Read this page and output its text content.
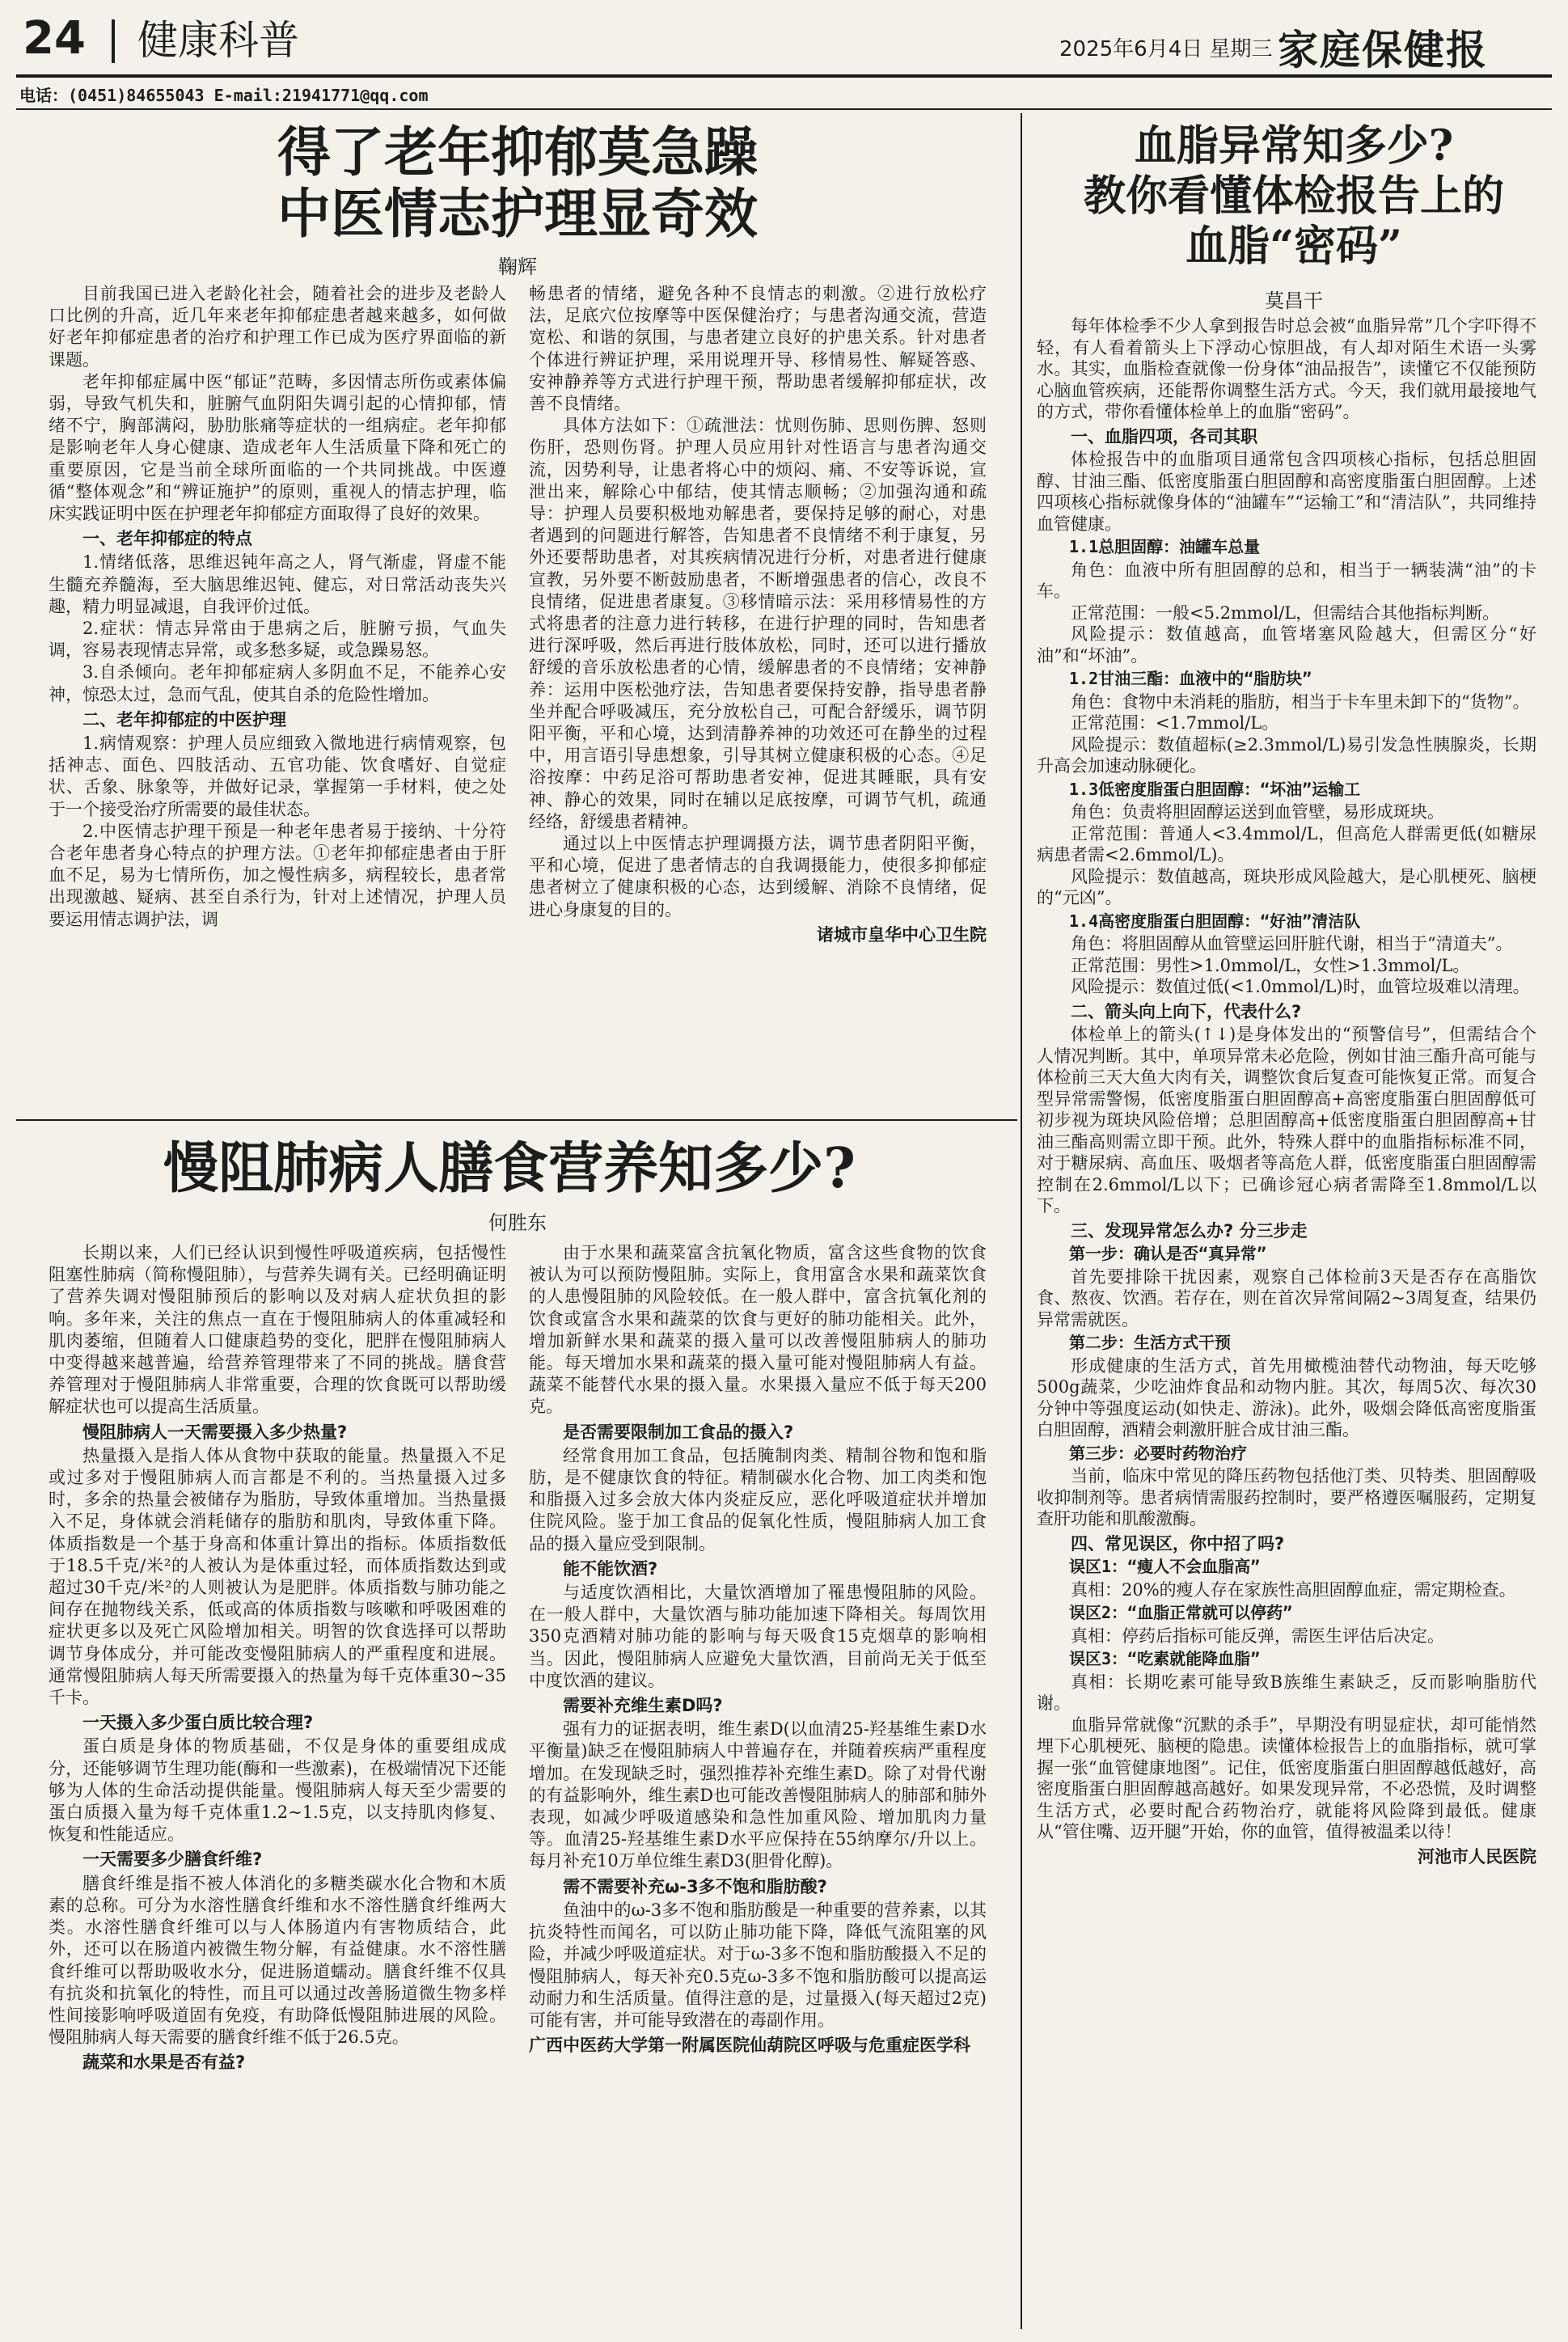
24 健康科普	2025年6月4日 星期三 家庭保健报
电话：(0451)84655043 E-mail:21941771@qq.com
得了老年抑郁莫急躁
中医情志护理显奇效
鞠辉

目前我国已进入老龄化社会，随着社会的进步及老龄人口比例的升高，近几年来老年抑郁症患者越来越多，如何做好老年抑郁症患者的治疗和护理工作已成为医疗界面临的新课题。

老年抑郁症属中医“郁证”范畴，多因情志所伤或素体偏弱，导致气机失和，脏腑气血阴阳失调引起的心情抑郁，情绪不宁，胸部满闷，胁肋胀痛等症状的一组病症。老年抑郁是影响老年人身心健康、造成老年人生活质量下降和死亡的重要原因，它是当前全球所面临的一个共同挑战。中医遵循“整体观念”和“辨证施护”的原则，重视人的情志护理，临床实践证明中医在护理老年抑郁症方面取得了良好的效果。

一、老年抑郁症的特点

1.情绪低落，思维迟钝年高之人，肾气渐虚，肾虚不能生髓充养髓海，至大脑思维迟钝、健忘，对日常活动丧失兴趣，精力明显减退，自我评价过低。

2.症状：情志异常由于患病之后，脏腑亏损，气血失调，容易表现情志异常，或多愁多疑，或急躁易怒。

3.自杀倾向。老年抑郁症病人多阴血不足，不能养心安神，惊恐太过，急而气乱，使其自杀的危险性增加。

二、老年抑郁症的中医护理

1.病情观察：护理人员应细致入微地进行病情观察，包括神志、面色、四肢活动、五官功能、饮食嗜好、自觉症状、舌象、脉象等，并做好记录，掌握第一手材料，使之处于一个接受治疗所需要的最佳状态。

2.中医情志护理干预是一种老年患者易于接纳、十分符合老年患者身心特点的护理方法。①老年抑郁症患者由于肝血不足，易为七情所伤，加之慢性病多，病程较长，患者常出现激越、疑病、甚至自杀行为，针对上述情况，护理人员要运用情志调护法，调

畅患者的情绪，避免各种不良情志的刺激。②进行放松疗法，足底穴位按摩等中医保健治疗；与患者沟通交流，营造宽松、和谐的氛围，与患者建立良好的护患关系。针对患者个体进行辨证护理，采用说理开导、移情易性、解疑答惑、安神静养等方式进行护理干预，帮助患者缓解抑郁症状，改善不良情绪。

具体方法如下：①疏泄法：忧则伤肺、思则伤脾、怒则伤肝，恐则伤肾。护理人员应用针对性语言与患者沟通交流，因势利导，让患者将心中的烦闷、痛、不安等诉说，宣泄出来，解除心中郁结，使其情志顺畅；②加强沟通和疏导：护理人员要积极地劝解患者，要保持足够的耐心，对患者遇到的问题进行解答，告知患者不良情绪不利于康复，另外还要帮助患者，对其疾病情况进行分析，对患者进行健康宣教，另外要不断鼓励患者，不断增强患者的信心，改良不良情绪，促进患者康复。③移情暗示法：采用移情易性的方式将患者的注意力进行转移，在进行护理的同时，告知患者进行深呼吸，然后再进行肢体放松，同时，还可以进行播放舒缓的音乐放松患者的心情，缓解患者的不良情绪；安神静养：运用中医松弛疗法，告知患者要保持安静，指导患者静坐并配合呼吸减压，充分放松自己，可配合舒缓乐，调节阴阳平衡，平和心境，达到清静养神的功效还可在静坐的过程中，用言语引导患想象，引导其树立健康积极的心态。④足浴按摩：中药足浴可帮助患者安神，促进其睡眠，具有安神、静心的效果，同时在辅以足底按摩，可调节气机，疏通经络，舒缓患者精神。

通过以上中医情志护理调摄方法，调节患者阴阳平衡，平和心境，促进了患者情志的自我调摄能力，使很多抑郁症患者树立了健康积极的心态，达到缓解、消除不良情绪，促进心身康复的目的。

诸城市皇华中心卫生院

慢阻肺病人膳食营养知多少?
何胜东

长期以来，人们已经认识到慢性呼吸道疾病，包括慢性阻塞性肺病（简称慢阻肺），与营养失调有关。已经明确证明了营养失调对慢阻肺预后的影响以及对病人症状负担的影响。多年来，关注的焦点一直在于慢阻肺病人的体重减轻和肌肉萎缩，但随着人口健康趋势的变化，肥胖在慢阻肺病人中变得越来越普遍，给营养管理带来了不同的挑战。膳食营养管理对于慢阻肺病人非常重要，合理的饮食既可以帮助缓解症状也可以提高生活质量。

慢阻肺病人一天需要摄入多少热量?

热量摄入是指人体从食物中获取的能量。热量摄入不足或过多对于慢阻肺病人而言都是不利的。当热量摄入过多时，多余的热量会被储存为脂肪，导致体重增加。当热量摄入不足，身体就会消耗储存的脂肪和肌肉，导致体重下降。体质指数是一个基于身高和体重计算出的指标。体质指数低于18.5千克/米²的人被认为是体重过轻，而体质指数达到或超过30千克/米²的人则被认为是肥胖。体质指数与肺功能之间存在抛物线关系，低或高的体质指数与咳嗽和呼吸困难的症状更多以及死亡风险增加相关。明智的饮食选择可以帮助调节身体成分，并可能改变慢阻肺病人的严重程度和进展。通常慢阻肺病人每天所需要摄入的热量为每千克体重30~35千卡。

一天摄入多少蛋白质比较合理?

蛋白质是身体的物质基础，不仅是身体的重要组成成分，还能够调节生理功能(酶和一些激素)，在极端情况下还能够为人体的生命活动提供能量。慢阻肺病人每天至少需要的蛋白质摄入量为每千克体重1.2~1.5克，以支持肌肉修复、恢复和性能适应。

一天需要多少膳食纤维?

膳食纤维是指不被人体消化的多糖类碳水化合物和木质素的总称。可分为水溶性膳食纤维和水不溶性膳食纤维两大类。水溶性膳食纤维可以与人体肠道内有害物质结合，此外，还可以在肠道内被微生物分解，有益健康。水不溶性膳食纤维可以帮助吸收水分，促进肠道蠕动。膳食纤维不仅具有抗炎和抗氧化的特性，而且可以通过改善肠道微生物多样性间接影响呼吸道固有免疫，有助降低慢阻肺进展的风险。慢阻肺病人每天需要的膳食纤维不低于26.5克。

蔬菜和水果是否有益?

由于水果和蔬菜富含抗氧化物质，富含这些食物的饮食被认为可以预防慢阻肺。实际上，食用富含水果和蔬菜饮食的人患慢阻肺的风险较低。在一般人群中，富含抗氧化剂的饮食或富含水果和蔬菜的饮食与更好的肺功能相关。此外，增加新鲜水果和蔬菜的摄入量可以改善慢阻肺病人的肺功能。每天增加水果和蔬菜的摄入量可能对慢阻肺病人有益。蔬菜不能替代水果的摄入量。水果摄入量应不低于每天200克。

是否需要限制加工食品的摄入?

经常食用加工食品，包括腌制肉类、精制谷物和饱和脂肪，是不健康饮食的特征。精制碳水化合物、加工肉类和饱和脂摄入过多会放大体内炎症反应，恶化呼吸道症状并增加住院风险。鉴于加工食品的促氧化性质，慢阻肺病人加工食品的摄入量应受到限制。

能不能饮酒?

与适度饮酒相比，大量饮酒增加了罹患慢阻肺的风险。在一般人群中，大量饮酒与肺功能加速下降相关。每周饮用350克酒精对肺功能的影响与每天吸食15克烟草的影响相当。因此，慢阻肺病人应避免大量饮酒，目前尚无关于低至中度饮酒的建议。

需要补充维生素D吗?

强有力的证据表明，维生素D(以血清25-羟基维生素D水平衡量)缺乏在慢阻肺病人中普遍存在，并随着疾病严重程度增加。在发现缺乏时，强烈推荐补充维生素D。除了对骨代谢的有益影响外，维生素D也可能改善慢阻肺病人的肺部和肺外表现，如减少呼吸道感染和急性加重风险、增加肌肉力量等。血清25-羟基维生素D水平应保持在55纳摩尔/升以上。每月补充10万单位维生素D3(胆骨化醇)。

需不需要补充ω-3多不饱和脂肪酸?

鱼油中的ω-3多不饱和脂肪酸是一种重要的营养素，以其抗炎特性而闻名，可以防止肺功能下降，降低气流阻塞的风险，并减少呼吸道症状。对于ω-3多不饱和脂肪酸摄入不足的慢阻肺病人，每天补充0.5克ω-3多不饱和脂肪酸可以提高运动耐力和生活质量。值得注意的是，过量摄入(每天超过2克)可能有害，并可能导致潜在的毒副作用。

广西中医药大学第一附属医院仙葫院区呼吸与危重症医学科

血脂异常知多少?
教你看懂体检报告上的
血脂“密码”
莫昌干

每年体检季不少人拿到报告时总会被“血脂异常”几个字吓得不轻，有人看着箭头上下浮动心惊胆战，有人却对陌生术语一头雾水。其实，血脂检查就像一份身体“油品报告”，读懂它不仅能预防心脑血管疾病，还能帮你调整生活方式。今天，我们就用最接地气的方式，带你看懂体检单上的血脂“密码”。

一、血脂四项，各司其职

体检报告中的血脂项目通常包含四项核心指标，包括总胆固醇、甘油三酯、低密度脂蛋白胆固醇和高密度脂蛋白胆固醇。上述四项核心指标就像身体的“油罐车”“运输工”和“清洁队”，共同维持血管健康。

1.1总胆固醇：油罐车总量

角色：血液中所有胆固醇的总和，相当于一辆装满“油”的卡车。

正常范围：一般<5.2mmol/L，但需结合其他指标判断。

风险提示：数值越高，血管堵塞风险越大，但需区分“好油”和“坏油”。

1.2甘油三酯：血液中的“脂肪块”

角色：食物中未消耗的脂肪，相当于卡车里未卸下的“货物”。

正常范围：<1.7mmol/L。

风险提示：数值超标(≥2.3mmol/L)易引发急性胰腺炎，长期升高会加速动脉硬化。

1.3低密度脂蛋白胆固醇：“坏油”运输工

角色：负责将胆固醇运送到血管壁，易形成斑块。

正常范围：普通人<3.4mmol/L，但高危人群需更低(如糖尿病患者需<2.6mmol/L)。

风险提示：数值越高，斑块形成风险越大，是心肌梗死、脑梗的“元凶”。

1.4高密度脂蛋白胆固醇：“好油”清洁队

角色：将胆固醇从血管壁运回肝脏代谢，相当于“清道夫”。

正常范围：男性>1.0mmol/L，女性>1.3mmol/L。

风险提示：数值过低(<1.0mmol/L)时，血管垃圾难以清理。

二、箭头向上向下，代表什么?

体检单上的箭头(↑↓)是身体发出的“预警信号”，但需结合个人情况判断。其中，单项异常未必危险，例如甘油三酯升高可能与体检前三天大鱼大肉有关，调整饮食后复查可能恢复正常。而复合型异常需警惕，低密度脂蛋白胆固醇高+高密度脂蛋白胆固醇低可初步视为斑块风险倍增；总胆固醇高+低密度脂蛋白胆固醇高+甘油三酯高则需立即干预。此外，特殊人群中的血脂指标标准不同，对于糖尿病、高血压、吸烟者等高危人群，低密度脂蛋白胆固醇需控制在2.6mmol/L以下；已确诊冠心病者需降至1.8mmol/L以下。

三、发现异常怎么办? 分三步走
第一步：确认是否“真异常”

首先要排除干扰因素，观察自己体检前3天是否存在高脂饮食、熬夜、饮酒。若存在，则在首次异常间隔2~3周复查，结果仍异常需就医。

第二步：生活方式干预

形成健康的生活方式，首先用橄榄油替代动物油，每天吃够500g蔬菜，少吃油炸食品和动物内脏。其次，每周5次、每次30分钟中等强度运动(如快走、游泳)。此外，吸烟会降低高密度脂蛋白胆固醇，酒精会刺激肝脏合成甘油三酯。

第三步：必要时药物治疗

当前，临床中常见的降压药物包括他汀类、贝特类、胆固醇吸收抑制剂等。患者病情需服药控制时，要严格遵医嘱服药，定期复查肝功能和肌酸激酶。

四、常见误区，你中招了吗?
误区1：“瘦人不会血脂高”

真相：20%的瘦人存在家族性高胆固醇血症，需定期检查。

误区2：“血脂正常就可以停药”

真相：停药后指标可能反弹，需医生评估后决定。

误区3：“吃素就能降血脂”

真相：长期吃素可能导致B族维生素缺乏，反而影响脂肪代谢。

血脂异常就像“沉默的杀手”，早期没有明显症状，却可能悄然埋下心肌梗死、脑梗的隐患。读懂体检报告上的血脂指标，就可掌握一张“血管健康地图”。记住，低密度脂蛋白胆固醇越低越好，高密度脂蛋白胆固醇越高越好。如果发现异常，不必恐慌，及时调整生活方式，必要时配合药物治疗，就能将风险降到最低。健康从“管住嘴、迈开腿”开始，你的血管，值得被温柔以待！

河池市人民医院
